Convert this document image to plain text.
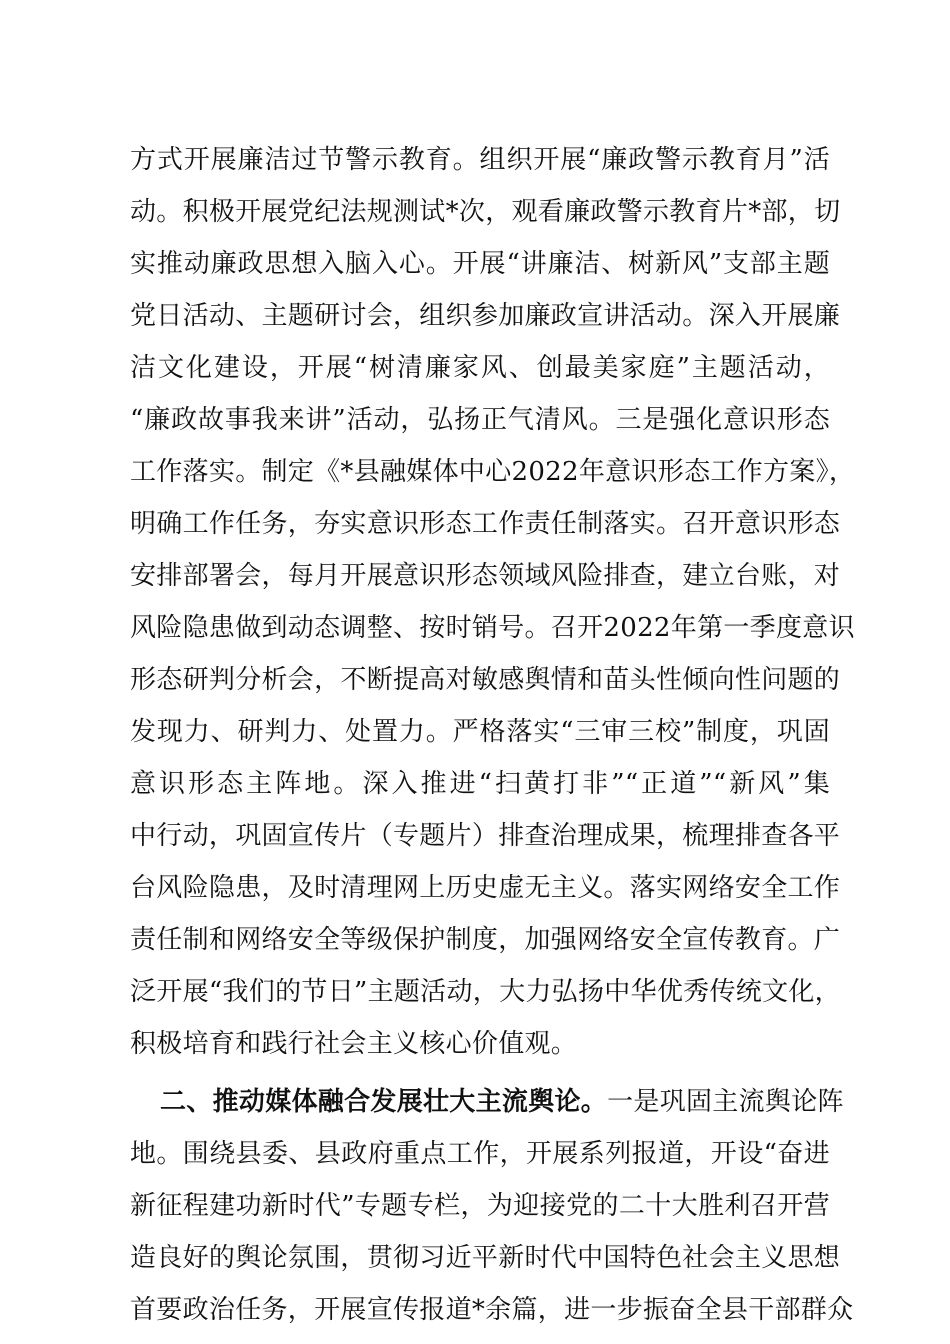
方式开展廉洁过节警示教育。组织开展“廉政警示教育月”活
动。积极开展党纪法规测试*次，观看廉政警示教育片*部，切
实推动廉政思想入脑入心。开展“讲廉洁、树新风”支部主题
党日活动、主题研讨会，组织参加廉政宣讲活动。深入开展廉
洁文化建设，开展“树清廉家风、创最美家庭”主题活动，
“廉政故事我来讲”活动，弘扬正气清风。三是强化意识形态
工作落实。制定《*县融媒体中心2022年意识形态工作方案》，
明确工作任务，夯实意识形态工作责任制落实。召开意识形态
安排部署会，每月开展意识形态领域风险排查，建立台账，对
风险隐患做到动态调整、按时销号。召开2022年第一季度意识
形态研判分析会，不断提高对敏感舆情和苗头性倾向性问题的
发现力、研判力、处置力。严格落实“三审三校”制度，巩固
意识形态主阵地。深入推进“扫黄打非”“正道”“新风”集
中行动，巩固宣传片（专题片）排查治理成果，梳理排查各平
台风险隐患，及时清理网上历史虚无主义。落实网络安全工作
责任制和网络安全等级保护制度，加强网络安全宣传教育。广
泛开展“我们的节日”主题活动，大力弘扬中华优秀传统文化，
积极培育和践行社会主义核心价值观。
二、推动媒体融合发展壮大主流舆论。一是巩固主流舆论阵
地。围绕县委、县政府重点工作，开展系列报道，开设“奋进
新征程建功新时代”专题专栏，为迎接党的二十大胜利召开营
造良好的舆论氛围，贯彻习近平新时代中国特色社会主义思想
首要政治任务，开展宣传报道*余篇，进一步振奋全县干部群众
